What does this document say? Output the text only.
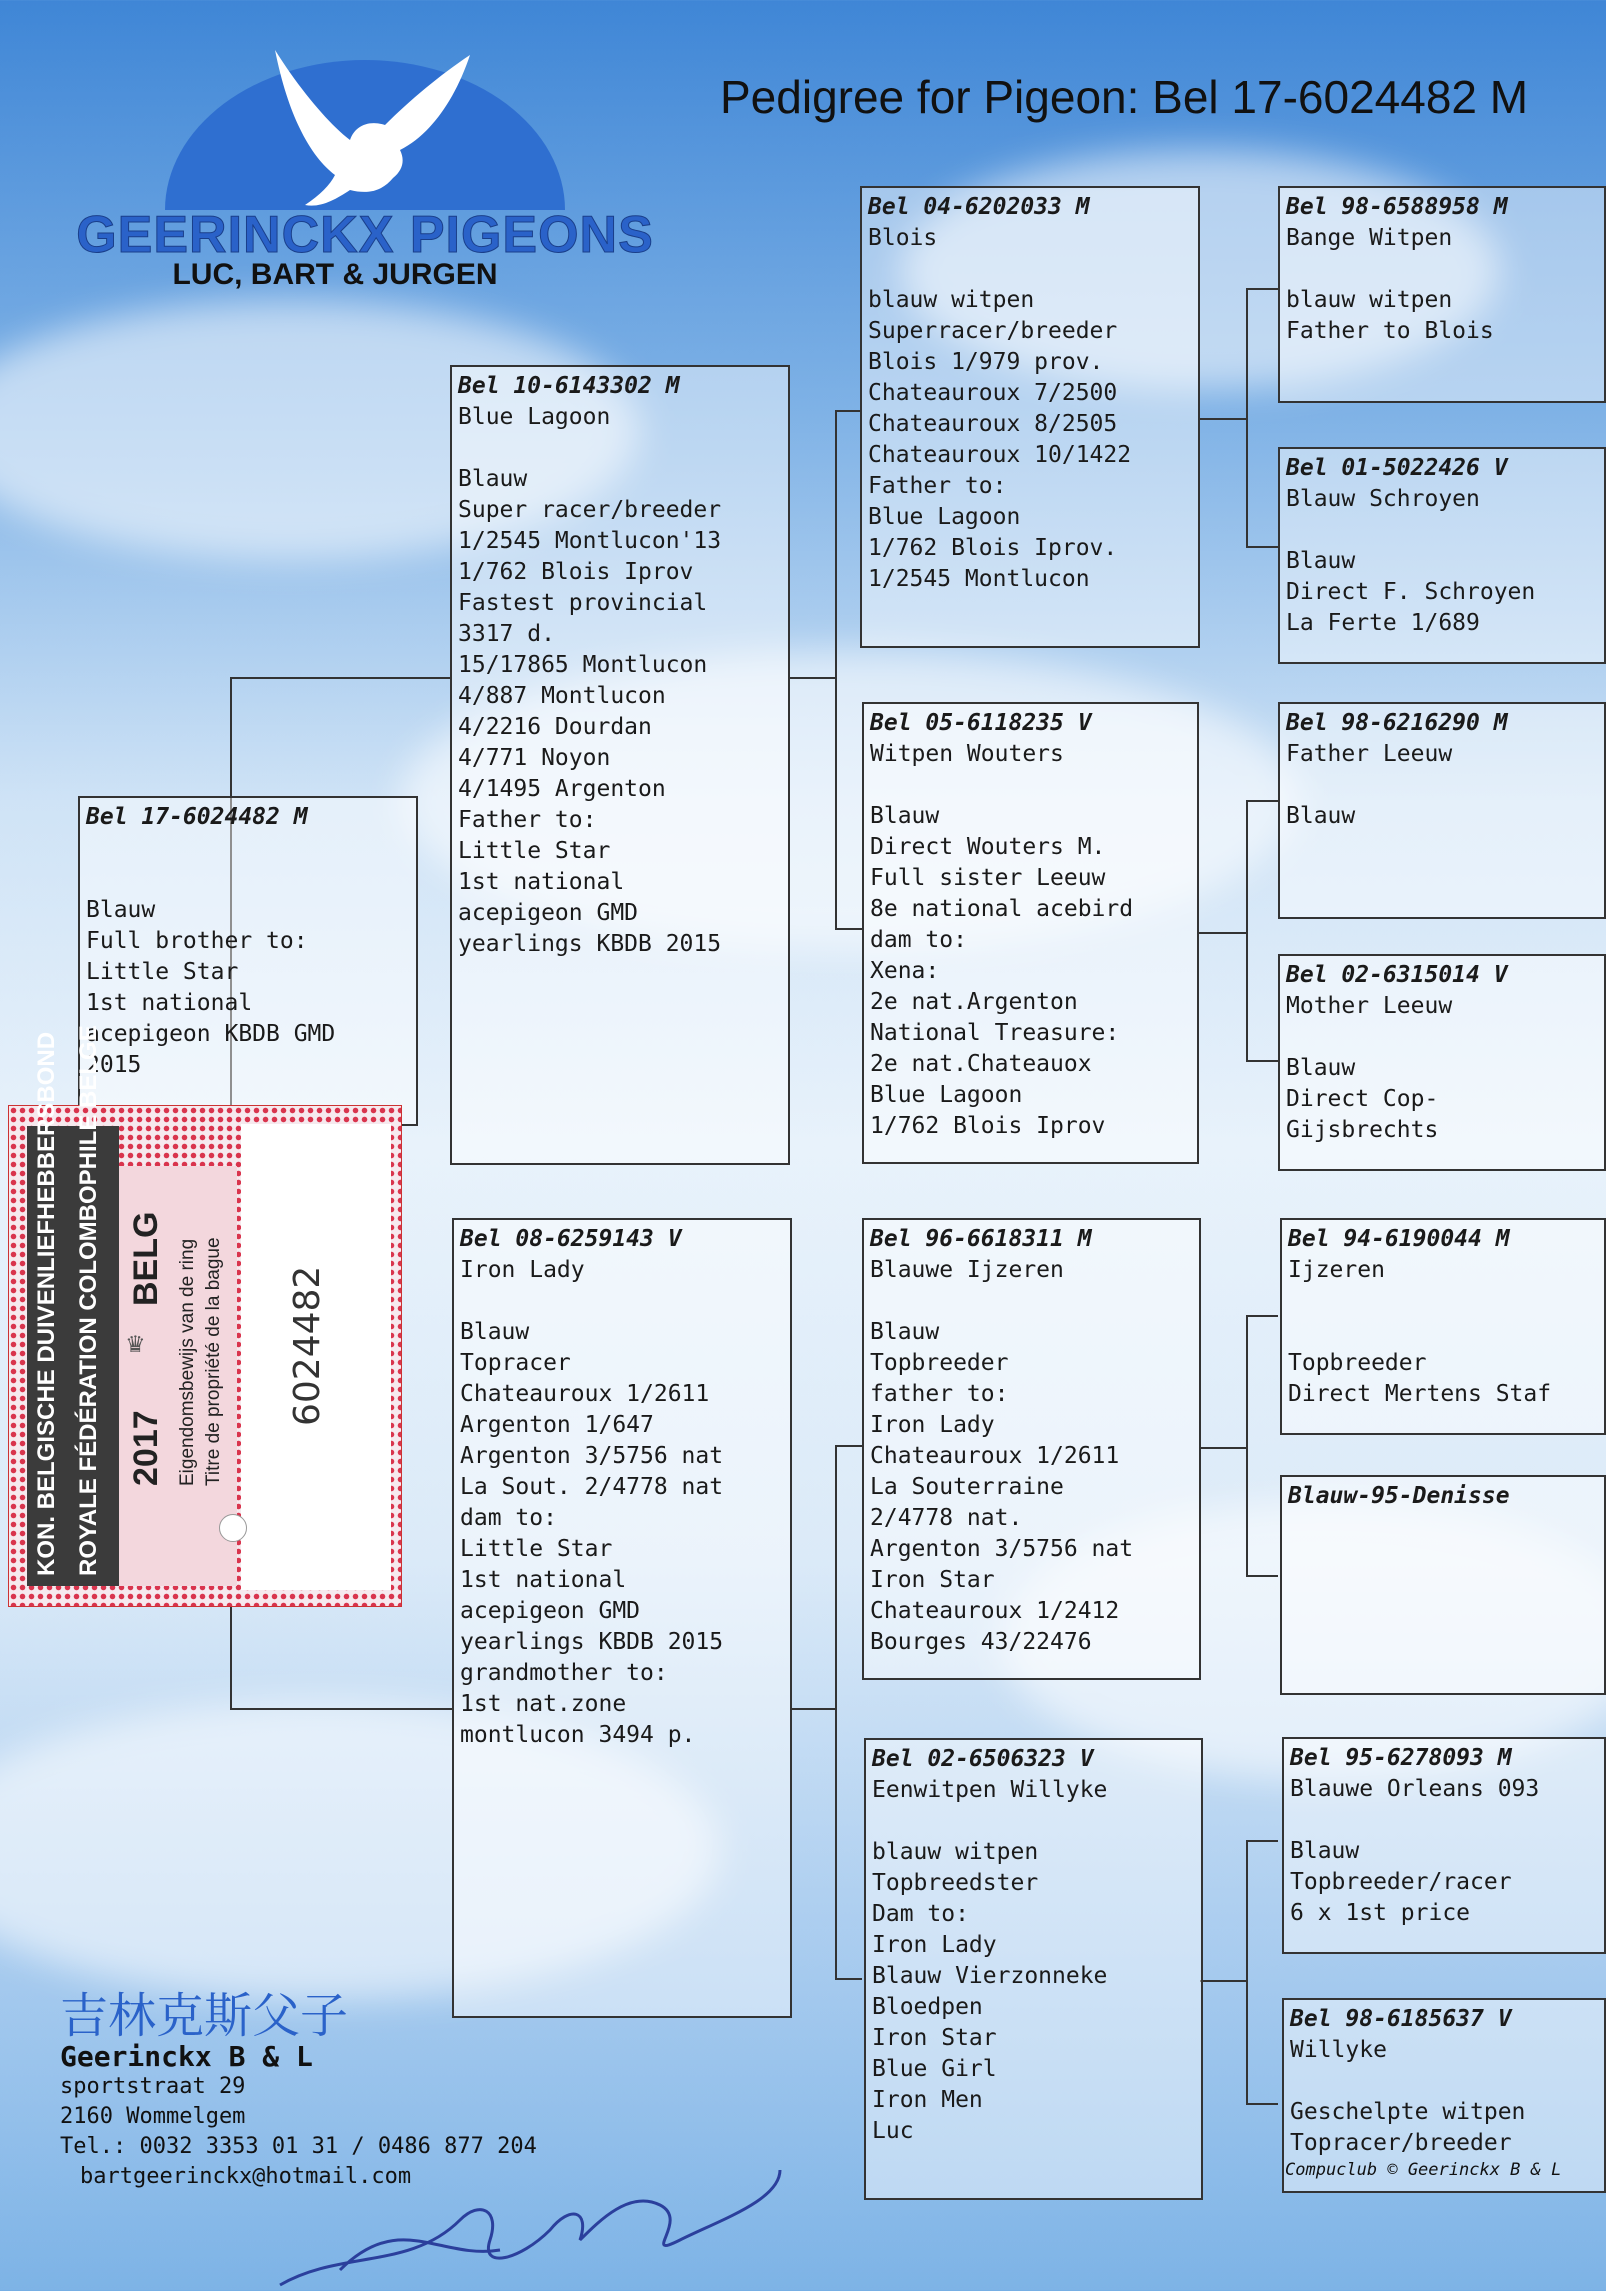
GEERINCKX PIGEONS
LUC, BART & JURGEN
Pedigree for Pigeon: Bel 17-6024482 M
Bel 17-6024482 M

Blauw
Full brother to:
Little Star
1st national
acepigeon KBDB GMD
2015
Bel 10-6143302 M
Blue Lagoon
Blauw
Super racer/breeder
1/2545 Montlucon'13
1/762 Blois Iprov
Fastest provincial
3317 d.
15/17865 Montlucon
4/887 Montlucon
4/2216 Dourdan
4/771 Noyon
4/1495 Argenton
Father to:
Little Star
1st national
acepigeon GMD
yearlings KBDB 2015
Bel 08-6259143 V
Iron Lady
Blauw
Topracer
Chateauroux 1/2611
Argenton 1/647
Argenton 3/5756 nat
La Sout. 2/4778 nat
dam to:
Little Star
1st national
acepigeon GMD
yearlings KBDB 2015
grandmother to:
1st nat.zone
montlucon 3494 p.
Bel 04-6202033 M
Blois
blauw witpen
Superracer/breeder
Blois 1/979 prov.
Chateauroux 7/2500
Chateauroux 8/2505
Chateauroux 10/1422
Father to:
Blue Lagoon
1/762 Blois Iprov.
1/2545 Montlucon
Bel 05-6118235 V
Witpen Wouters
Blauw
Direct Wouters M.
Full sister Leeuw
8e national acebird
dam to:
Xena:
2e nat.Argenton
National Treasure:
2e nat.Chateauox
Blue Lagoon
1/762 Blois Iprov
Bel 96-6618311 M
Blauwe Ijzeren
Blauw
Topbreeder
father to:
Iron Lady
Chateauroux 1/2611
La Souterraine
2/4778 nat.
Argenton 3/5756 nat
Iron Star
Chateauroux 1/2412
Bourges 43/22476
Bel 02-6506323 V
Eenwitpen Willyke
blauw witpen
Topbreedster
Dam to:
Iron Lady
Blauw Vierzonneke
Bloedpen
Iron Star
Blue Girl
Iron Men
Luc
Bel 98-6588958 M
Bange Witpen
blauw witpen
Father to Blois
Bel 01-5022426 V
Blauw Schroyen
Blauw
Direct F. Schroyen
La Ferte 1/689
Bel 98-6216290 M
Father Leeuw
Blauw
Bel 02-6315014 V
Mother Leeuw
Blauw
Direct Cop-
Gijsbrechts
Bel 94-6190044 M
Ijzeren

Topbreeder
Direct Mertens Staf
Blauw-95-Denisse

Bel 95-6278093 M
Blauwe Orleans 093
Blauw
Topbreeder/racer
6 x 1st price
Bel 98-6185637 V
Willyke
Geschelpte witpen
Topracer/breeder
KON. BELGISCHE DUIVENLIEFHEBBERSBOND ROYALE FÉDÉRATION COLOMBOPHILE BELGE 2017
♛
BELG Eigendomsbewijs van de ring Titre de propriété de la bague 6024482
吉林克斯父子
Geerinckx B & L
sportstraat 29
2160 Wommelgem
Tel.: 0032 3353 01 31 / 0486 877 204
bartgeerinckx@hotmail.com	Compuclub © Geerinckx B & L
